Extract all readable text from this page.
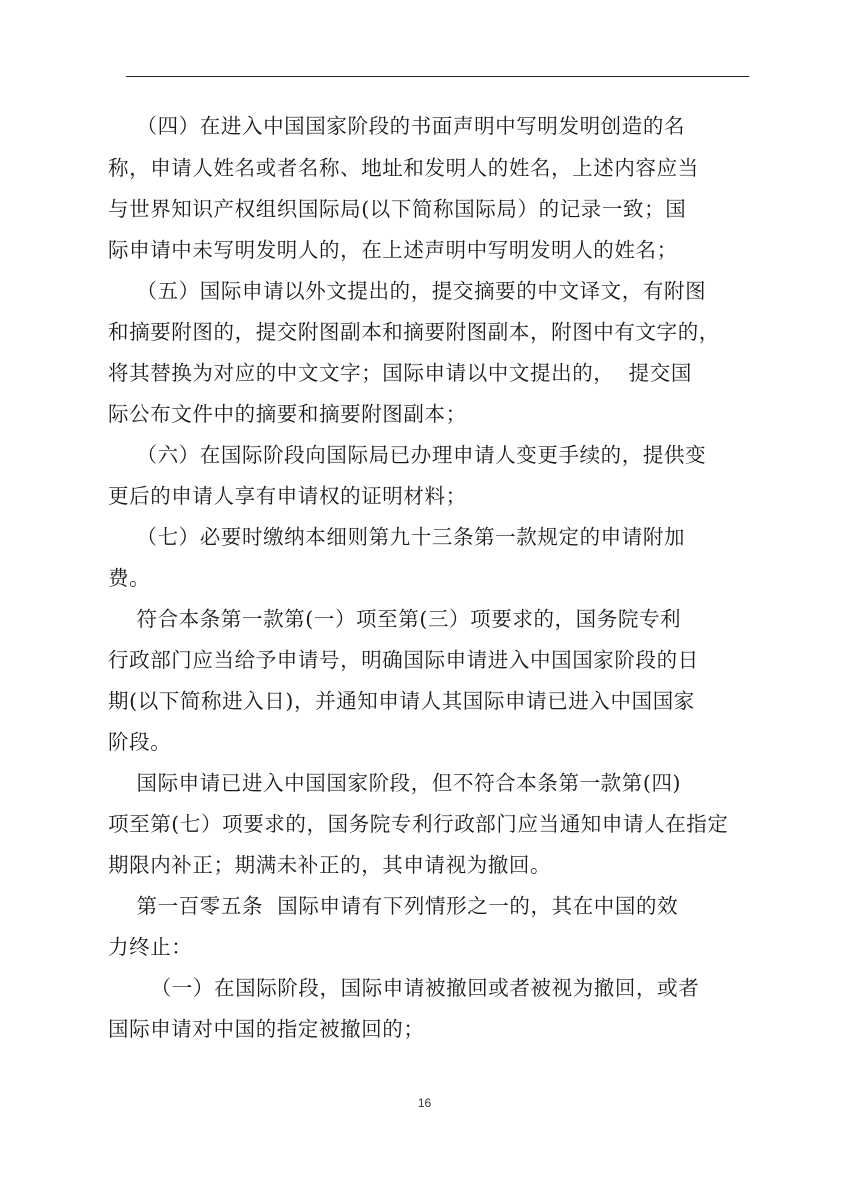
（四）在进入中国国家阶段的书面声明中写明发明创造的名
称，申请人姓名或者名称、地址和发明人的姓名，上述内容应当
与世界知识产权组织国际局(以下简称国际局）的记录一致；国
际申请中未写明发明人的，在上述声明中写明发明人的姓名；
（五）国际申请以外文提出的，提交摘要的中文译文，有附图
和摘要附图的，提交附图副本和摘要附图副本，附图中有文字的，
将其替换为对应的中文文字；国际申请以中文提出的，  提交国
际公布文件中的摘要和摘要附图副本；
（六）在国际阶段向国际局已办理申请人变更手续的，提供变
更后的申请人享有申请权的证明材料；
（七）必要时缴纳本细则第九十三条第一款规定的申请附加
费。
符合本条第一款第(一）项至第(三）项要求的，国务院专利
行政部门应当给予申请号，明确国际申请进入中国国家阶段的日
期(以下简称进入日)，并通知申请人其国际申请已进入中国国家
阶段。
国际申请已进入中国国家阶段，但不符合本条第一款第(四)
项至第(七）项要求的，国务院专利行政部门应当通知申请人在指定
期限内补正；期满未补正的，其申请视为撤回。
第一百零五条  国际申请有下列情形之一的，其在中国的效
力终止：
（一）在国际阶段，国际申请被撤回或者被视为撤回，或者
国际申请对中国的指定被撤回的；
16
